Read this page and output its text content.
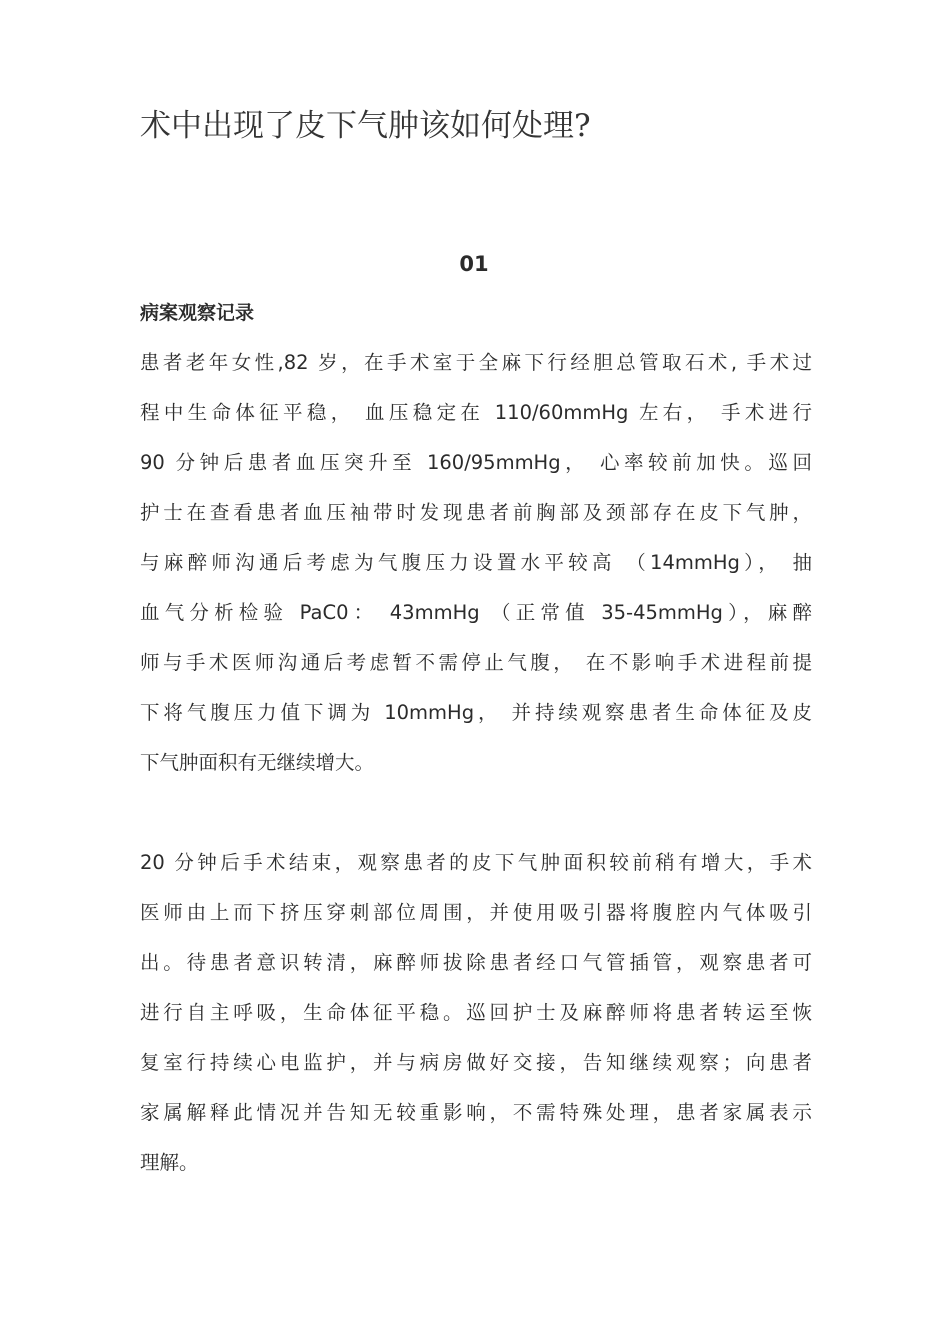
术中出现了皮下气肿该如何处理?
01
病案观察记录
患者老年女性,82 岁，在手术室于全麻下行经胆总管取石术, 手术过
程中生命体征平稳， 血压稳定在 110/60mmHg 左右， 手术进行
90 分钟后患者血压突升至 160/95mmHg， 心率较前加快。巡回
护士在查看患者血压袖带时发现患者前胸部及颈部存在皮下气肿，
与麻醉师沟通后考虑为气腹压力设置水平较高 （14mmHg）， 抽
血气分析检验 PaC0： 43mmHg （正常值 35-45mmHg），麻醉
师与手术医师沟通后考虑暂不需停止气腹， 在不影响手术进程前提
下将气腹压力值下调为 10mmHg， 并持续观察患者生命体征及皮
下气肿面积有无继续增大。
20 分钟后手术结束，观察患者的皮下气肿面积较前稍有增大，手术
医师由上而下挤压穿刺部位周围，并使用吸引器将腹腔内气体吸引
出。待患者意识转清，麻醉师拔除患者经口气管插管，观察患者可
进行自主呼吸，生命体征平稳。巡回护士及麻醉师将患者转运至恢
复室行持续心电监护，并与病房做好交接，告知继续观察；向患者
家属解释此情况并告知无较重影响，不需特殊处理，患者家属表示
理解。
